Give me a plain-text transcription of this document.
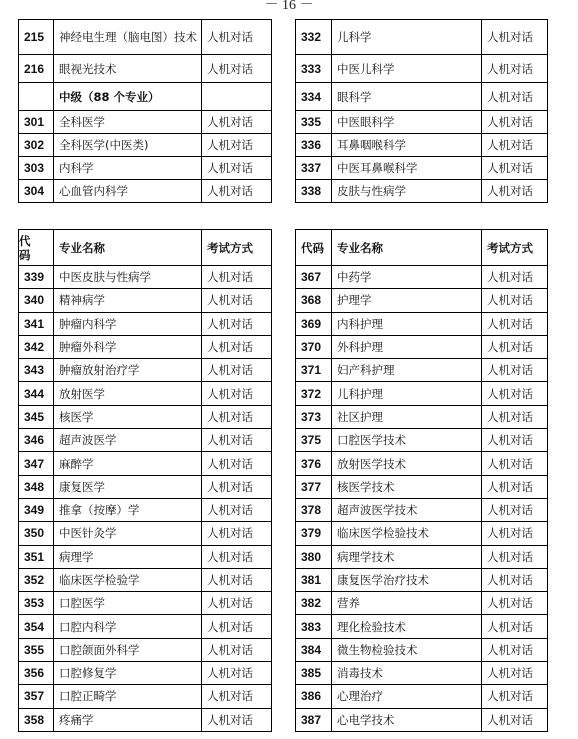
－ 16 －
215	神经电生理（脑电图）技术	人机对话		332	儿科学	人机对话
216	眼视光技术	人机对话		333	中医儿科学	人机对话
	中级（88 个专业）			334	眼科学	人机对话
301	全科医学	人机对话		335	中医眼科学	人机对话
302	全科医学(中医类)	人机对话		336	耳鼻咽喉科学	人机对话
303	内科学	人机对话		337	中医耳鼻喉科学	人机对话
304	心血管内科学	人机对话		338	皮肤与性病学	人机对话
代码	专业名称	考试方式		代码	专业名称	考试方式
339	中医皮肤与性病学	人机对话		367	中药学	人机对话
340	精神病学	人机对话		368	护理学	人机对话
341	肿瘤内科学	人机对话		369	内科护理	人机对话
342	肿瘤外科学	人机对话		370	外科护理	人机对话
343	肿瘤放射治疗学	人机对话		371	妇产科护理	人机对话
344	放射医学	人机对话		372	儿科护理	人机对话
345	核医学	人机对话		373	社区护理	人机对话
346	超声波医学	人机对话		375	口腔医学技术	人机对话
347	麻醉学	人机对话		376	放射医学技术	人机对话
348	康复医学	人机对话		377	核医学技术	人机对话
349	推拿（按摩）学	人机对话		378	超声波医学技术	人机对话
350	中医针灸学	人机对话		379	临床医学检验技术	人机对话
351	病理学	人机对话		380	病理学技术	人机对话
352	临床医学检验学	人机对话		381	康复医学治疗技术	人机对话
353	口腔医学	人机对话		382	营养	人机对话
354	口腔内科学	人机对话		383	理化检验技术	人机对话
355	口腔颌面外科学	人机对话		384	微生物检验技术	人机对话
356	口腔修复学	人机对话		385	消毒技术	人机对话
357	口腔正畸学	人机对话		386	心理治疗	人机对话
358	疼痛学	人机对话		387	心电学技术	人机对话
